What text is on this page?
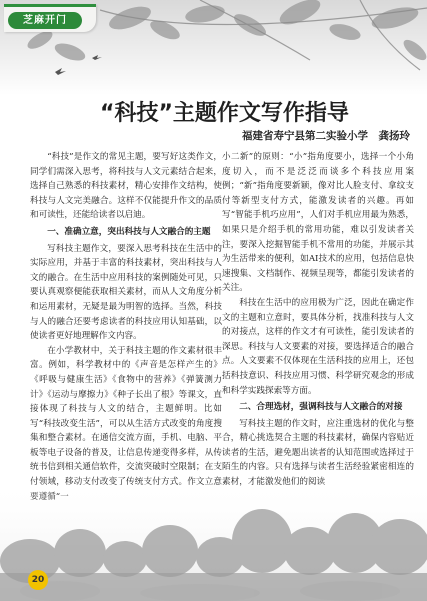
芝麻开门
“科技”主题作文写作指导
福建省寿宁县第二实验小学　龚扬玲

“科技”是作文的常见主题，要写好这类作文，同学们需深入思考，将科技与人文元素结合起来，选择自己熟悉的科技素材，精心安排作文结构，使科技与人文完美融合。这样不仅能提升作文的品质和可读性，还能给读者以启迪。

一、准确立意，突出科技与人文融合的主题

写科技主题作文，要深入思考科技在生活中的实际应用，并基于丰富的科技素材，突出科技与人文的融合。在生活中应用科技的案例随处可见，只要认真观察便能获取相关素材，而从人文角度分析和运用素材，无疑是最为明智的选择。当然，科技与人的融合还要考虑读者的科技应用认知基础，以使读者更好地理解作文内容。

在小学教材中，关于科技主题的作文素材很丰富。例如，科学教材中的《声音是怎样产生的》《呼吸与健康生活》《食物中的营养》《弹簧测力计》《运动与摩擦力》《种子长出了根》等课文，直接体现了科技与人文的结合，主题鲜明。比如写“科技改变生活”，可以从生活方式改变的角度搜集和整合素材。在通信交流方面，手机、电脑、平板等电子设备的普及，让信息传递变得多样，从传统书信到相关通信软件，交流突破时空限制；在支

小二新”的原则：“小”指角度要小，选择一个小角度切入，而不是泛泛而谈多个科技应用案例；“新”指角度要新颖，像对比人脸支付、拿纹支付等新型支付方式，能激发读者的兴趣。再如写“智能手机巧应用”，人们对手机应用最为熟悉，如果只是介绍手机的常用功能，难以引发读者关注，要深入挖掘智能手机不常用的功能，并展示其为生活带来的便利，如AI技术的应用，包括信息快速搜集、文档制作、视频呈现等，都能引发读者的关注。

科技在生活中的应用极为广泛，因此在确定作文的主题和立意时，要具体分析，找准科技与人文的对接点，这样的作文才有可读性，能引发读者的深思。科技与人文要素的对接，要选择适合的融合点。人文要素不仅体现在生活科技的应用上，还包括科技意识、科技应用习惯、科学研究观念的形成和科学实践探索等方面。

二、合理选材，强调科技与人文融合的对接

写科技主题的作文时，应注重选材的优化与整合，精心挑选契合主题的科技素材，确保内容贴近读者的生活，避免题出读者的认知范围或选择过于陌生的内容。只有选择与读者生活经验紧密相连的

20
